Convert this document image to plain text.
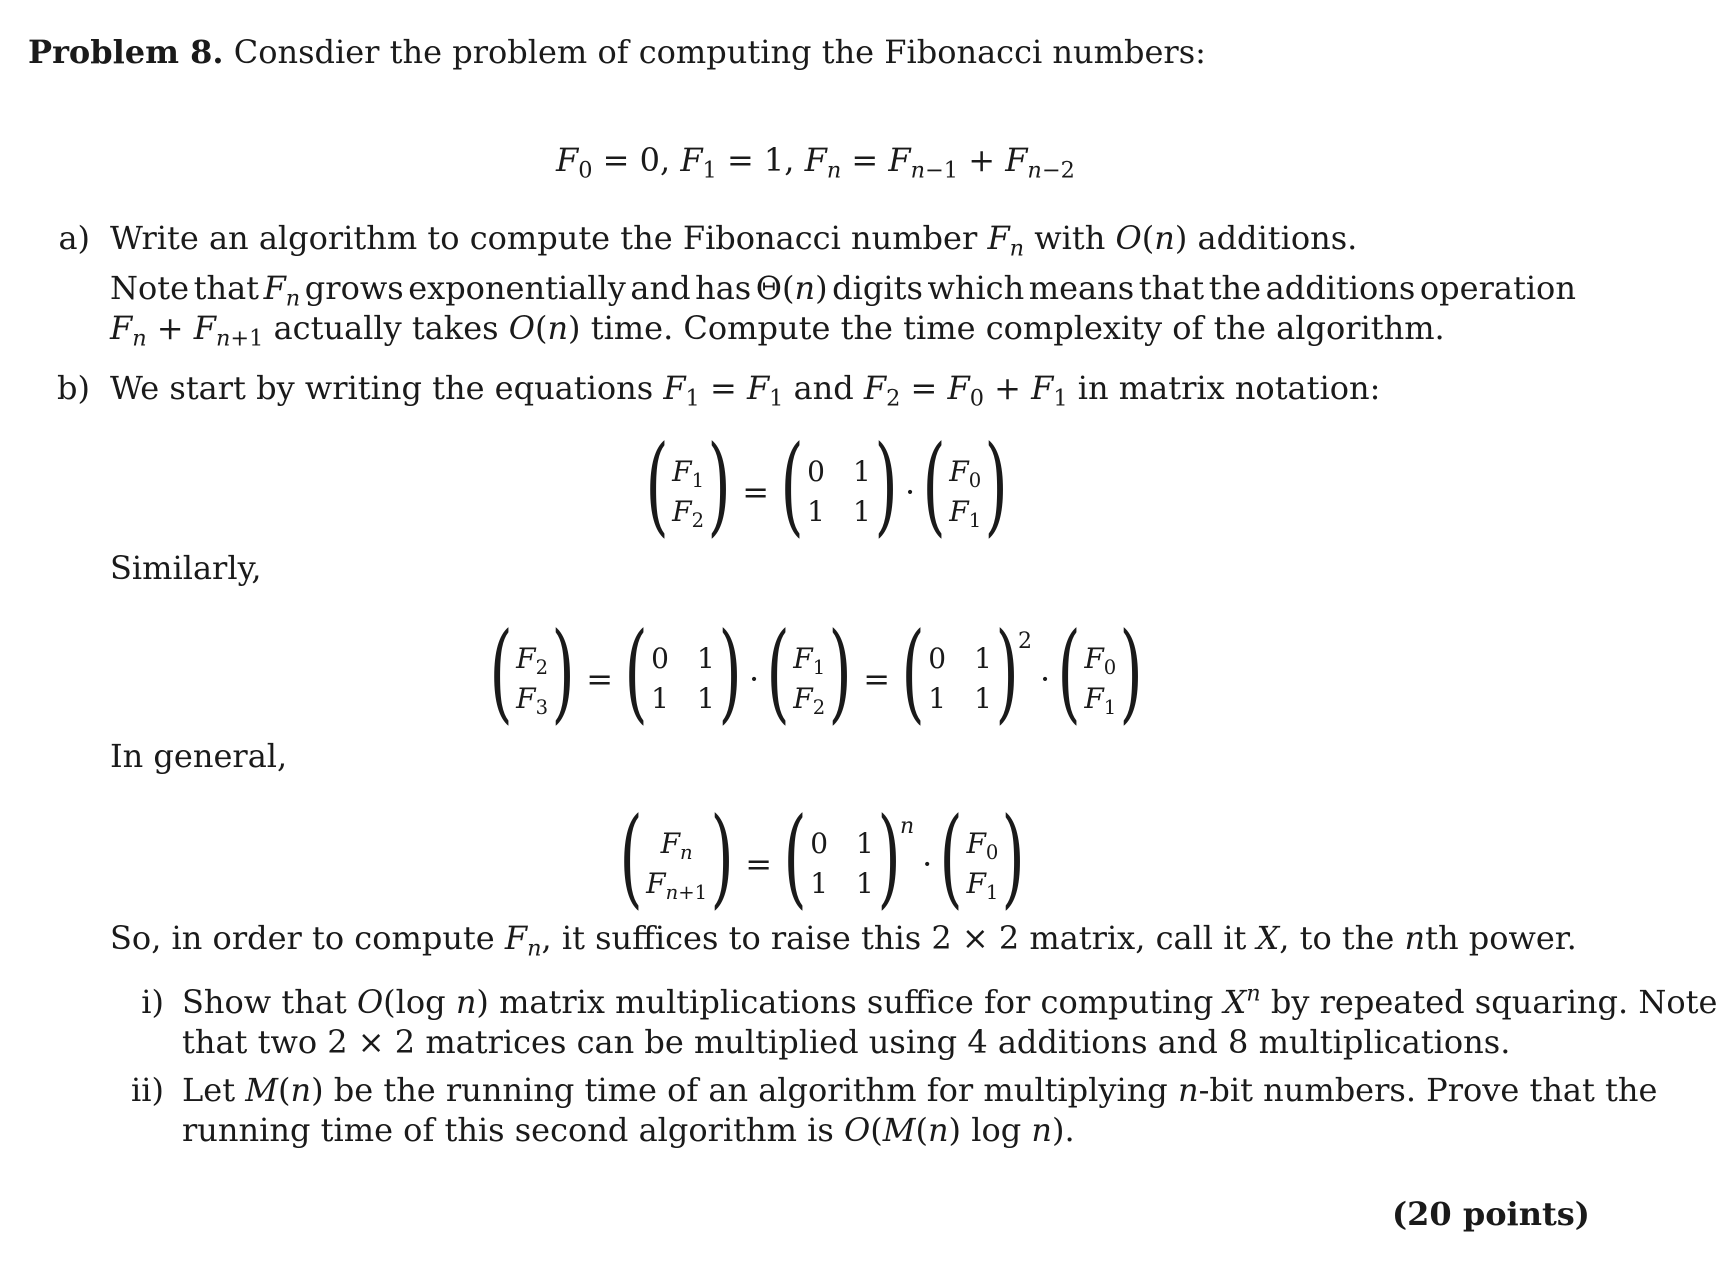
Problem 8. Consdier the problem of computing the Fibonacci numbers:
$F_0 = 0$, $F_1 = 1$, $F_n = F_{n-1} + F_{n-2}$
a) Write an algorithm to compute the Fibonacci number $F_n$ with O(n) additions.
Note that $F_n$ grows exponentially and has Θ(n) digits which means that the additions operation
$F_n + F_{n+1}$ actually takes O(n) time. Compute the time complexity of the algorithm.
b) We start by writing the equations $F_1 = F_1$ and $F_2 = F_0 + F_1$ in matrix notation:
( $F_1$
$F_2$ ) = ( 0 1
1 1 ) · ( $F_0$
$F_1$ )
Similarly,
( $F_2$
$F_3$ ) = ( 0 1
1 1 ) · ( $F_1$
$F_2$ ) = ( 0 1
1 1 ) 2
· ( $F_0$
$F_1$ )
In general,
( $F_n$
$F_{n+1}$ ) = ( 0 1
1 1 ) n
· ( $F_0$
$F_1$ )
So, in order to compute $F_n$, it suffices to raise this 2 × 2 matrix, call it X, to the nth power.
i) Show that O(log n) matrix multiplications suffice for computing $X^n$ by repeated squaring. Note
that two 2 × 2 matrices can be multiplied using 4 additions and 8 multiplications.
ii) Let M(n) be the running time of an algorithm for multiplying n-bit numbers. Prove that the
running time of this second algorithm is O(M(n) log n).
(20 points)
